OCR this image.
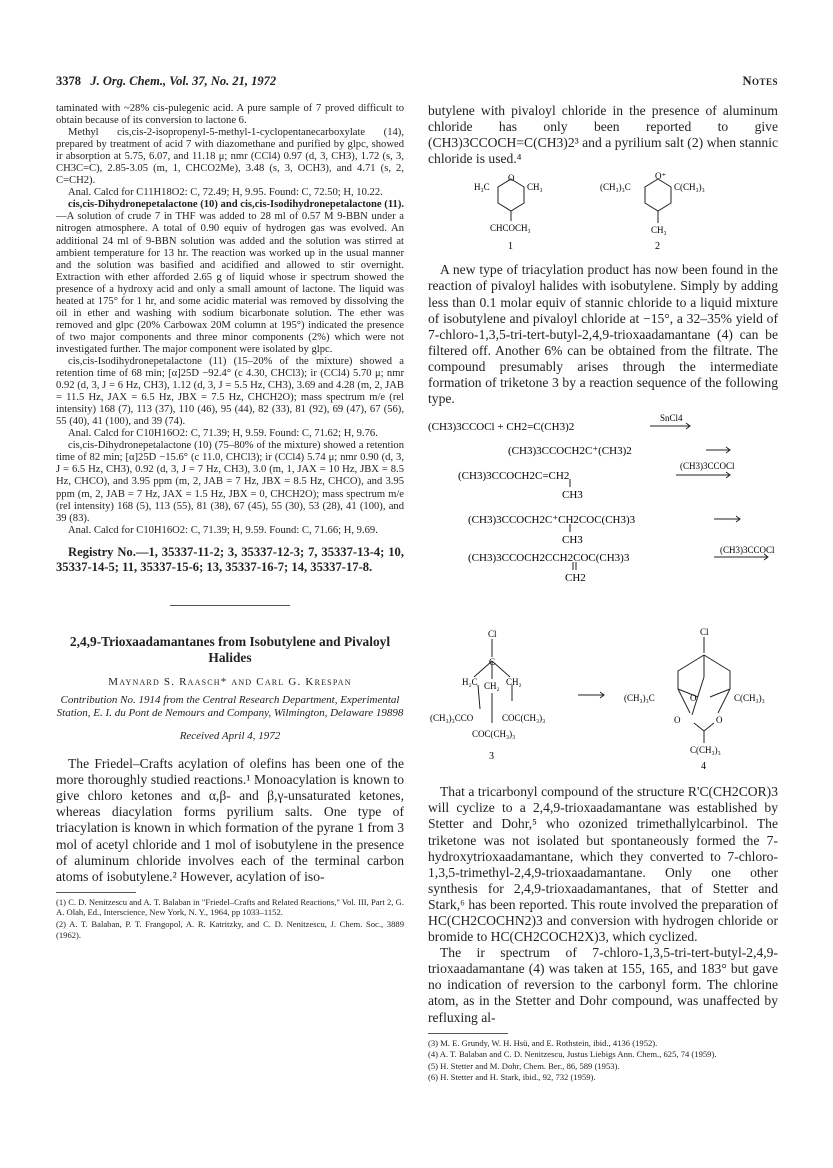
3378 J. Org. Chem., Vol. 37, No. 21, 1972	Notes

taminated with ~28% cis-pulegenic acid. A pure sample of 7 proved difficult to obtain because of its conversion to lactone 6.

Methyl cis,cis-2-isopropenyl-5-methyl-1-cyclopentanecarboxylate (14), prepared by treatment of acid 7 with diazomethane and purified by glpc, showed ir absorption at 5.75, 6.07, and 11.18 μ; nmr (CCl4) 0.97 (d, 3, CH3), 1.72 (s, 3, CH3C=C), 2.85-3.05 (m, 1, CHCO2Me), 3.48 (s, 3, OCH3), and 4.71 (s, 2, C=CH2).

Anal. Calcd for C11H18O2: C, 72.49; H, 9.95. Found: C, 72.50; H, 10.22.

cis,cis-Dihydronepetalactone (10) and cis,cis-Isodihydronepetalactone (11).—A solution of crude 7 in THF was added to 28 ml of 0.57 M 9-BBN under a nitrogen atmosphere. A total of 0.90 equiv of hydrogen gas was evolved. An additional 24 ml of 9-BBN solution was added and the solution was stirred at ambient temperature for 13 hr. The reaction was worked up in the usual manner and the solution was basified and acidified and allowed to stir overnight. Extraction with ether afforded 2.65 g of liquid whose ir spectrum showed the presence of a hydroxy acid and only a small amount of lactone. The liquid was heated at 175° for 1 hr, and some acidic material was removed by dissolving the oil in ether and washing with sodium bicarbonate solution. The ether was removed and glpc (20% Carbowax 20M column at 195°) indicated the presence of two major components and three minor components (2%) which were not investigated further. The major component were isolated by glpc.

cis,cis-Isodihydronepetalactone (11) (15–20% of the mixture) showed a retention time of 68 min; [α]25D −92.4° (c 4.30, CHCl3); ir (CCl4) 5.70 μ; nmr 0.92 (d, 3, J = 6 Hz, CH3), 1.12 (d, 3, J = 5.5 Hz, CH3), 3.69 and 4.28 (m, 2, JAB = 11.5 Hz, JAX = 6.5 Hz, JBX = 7.5 Hz, CHCH2O); mass spectrum m/e (rel intensity) 168 (7), 113 (37), 110 (46), 95 (44), 82 (33), 81 (92), 69 (47), 67 (56), 55 (40), 41 (100), and 39 (74).

Anal. Calcd for C10H16O2: C, 71.39; H, 9.59. Found: C, 71.62; H, 9.76.

cis,cis-Dihydronepetalactone (10) (75–80% of the mixture) showed a retention time of 82 min; [α]25D −15.6° (c 11.0, CHCl3); ir (CCl4) 5.74 μ; nmr 0.90 (d, 3, J = 6.5 Hz, CH3), 0.92 (d, 3, J = 7 Hz, CH3), 3.0 (m, 1, JAX = 10 Hz, JBX = 8.5 Hz, CHCO), and 3.95 ppm (m, 2, JAB = 7 Hz, JBX = 8.5 Hz, CHCO), and 3.95 ppm (m, 2, JAB = 7 Hz, JAX = 1.5 Hz, JBX = 0, CHCH2O); mass spectrum m/e (rel intensity) 168 (5), 113 (55), 81 (38), 67 (45), 55 (30), 53 (28), 41 (100), and 39 (83).

Anal. Calcd for C10H16O2: C, 71.39; H, 9.59. Found: C, 71.66; H, 9.69.

Registry No.—1, 35337-11-2; 3, 35337-12-3; 7, 35337-13-4; 10, 35337-14-5; 11, 35337-15-6; 13, 35337-16-7; 14, 35337-17-8.

2,4,9-Trioxaadamantanes from Isobutylene and Pivaloyl Halides

Maynard S. Raasch* and Carl G. Krespan

Contribution No. 1914 from the Central Research Department, Experimental Station, E. I. du Pont de Nemours and Company, Wilmington, Delaware 19898

Received April 4, 1972

The Friedel–Crafts acylation of olefins has been one of the more thoroughly studied reactions.¹ Monoacylation is known to give chloro ketones and α,β- and β,γ-unsaturated ketones, whereas diacylation forms pyrilium salts. One type of triacylation is known in which formation of the pyrane 1 from 3 mol of acetyl chloride and 1 mol of isobutylene in the presence of aluminum chloride involves each of the terminal carbon atoms of isobutylene.² However, acylation of iso-

(1) C. D. Nenitzescu and A. T. Balaban in "Friedel–Crafts and Related Reactions," Vol. III, Part 2, G. A. Olah, Ed., Interscience, New York, N. Y., 1964, pp 1033–1152.

(2) A. T. Balaban, P. T. Frangopol, A. R. Katritzky, and C. D. Nenitzescu, J. Chem. Soc., 3889 (1962).

butylene with pivaloyl chloride in the presence of aluminum chloride has only been reported to give (CH3)3CCOCH=C(CH3)2³ and a pyrilium salt (2) when stannic chloride is used.⁴

O
H₃C	CH₃
CHCOCH₃
1
O⁺
(CH₃)₃C	C(CH₃)₃
CH₃
2

A new type of triacylation product has now been found in the reaction of pivaloyl halides with isobutylene. Simply by adding less than 0.1 molar equiv of stannic chloride to a liquid mixture of isobutylene and pivaloyl chloride at −15°, a 32–35% yield of 7-chloro-1,3,5-tri-tert-butyl-2,4,9-trioxaadamantane (4) can be filtered off. Another 6% can be obtained from the filtrate. The compound presumably arises through the intermediate formation of triketone 3 by a reaction sequence of the following type.

SnCl4
(CH3)3CCOCl + CH2=C(CH3)2
(CH3)3CCOCH2C⁺(CH3)2
(CH3)3CCOCl
(CH3)3CCOCH2C=CH2
CH3
(CH3)3CCOCH2C⁺CH2COC(CH3)3
CH3
(CH3)3CCOCH2CCH2COC(CH3)3
(CH3)3CCOCl
CH2

Cl
C
H₂C CH₂ CH₂
(CH₃)₃CCO	COC(CH₃)₃
COC(CH₃)₃
3
Cl
(CH₃)₃C	C(CH₃)₃
O
O	O
C(CH₃)₃
4

That a tricarbonyl compound of the structure R'C(CH2COR)3 will cyclize to a 2,4,9-trioxaadamantane was established by Stetter and Dohr,⁵ who ozonized trimethallylcarbinol. The triketone was not isolated but spontaneously formed the 7-hydroxytrioxaadamantane, which they converted to 7-chloro-1,3,5-trimethyl-2,4,9-trioxaadamantane. Only one other synthesis for 2,4,9-trioxaadamantanes, that of Stetter and Stark,⁶ has been reported. This route involved the preparation of HC(CH2COCHN2)3 and conversion with hydrogen chloride or bromide to HC(CH2COCH2X)3, which cyclized.

The ir spectrum of 7-chloro-1,3,5-tri-tert-butyl-2,4,9-trioxaadamantane (4) was taken at 155, 165, and 183° but gave no indication of reversion to the carbonyl form. The chlorine atom, as in the Stetter and Dohr compound, was unaffected by refluxing al-

(3) M. E. Grundy, W. H. Hsü, and E. Rothstein, ibid., 4136 (1952).

(4) A. T. Balaban and C. D. Nenitzescu, Justus Liebigs Ann. Chem., 625, 74 (1959).

(5) H. Stetter and M. Dohr, Chem. Ber., 86, 589 (1953).

(6) H. Stetter and H. Stark, ibid., 92, 732 (1959).
